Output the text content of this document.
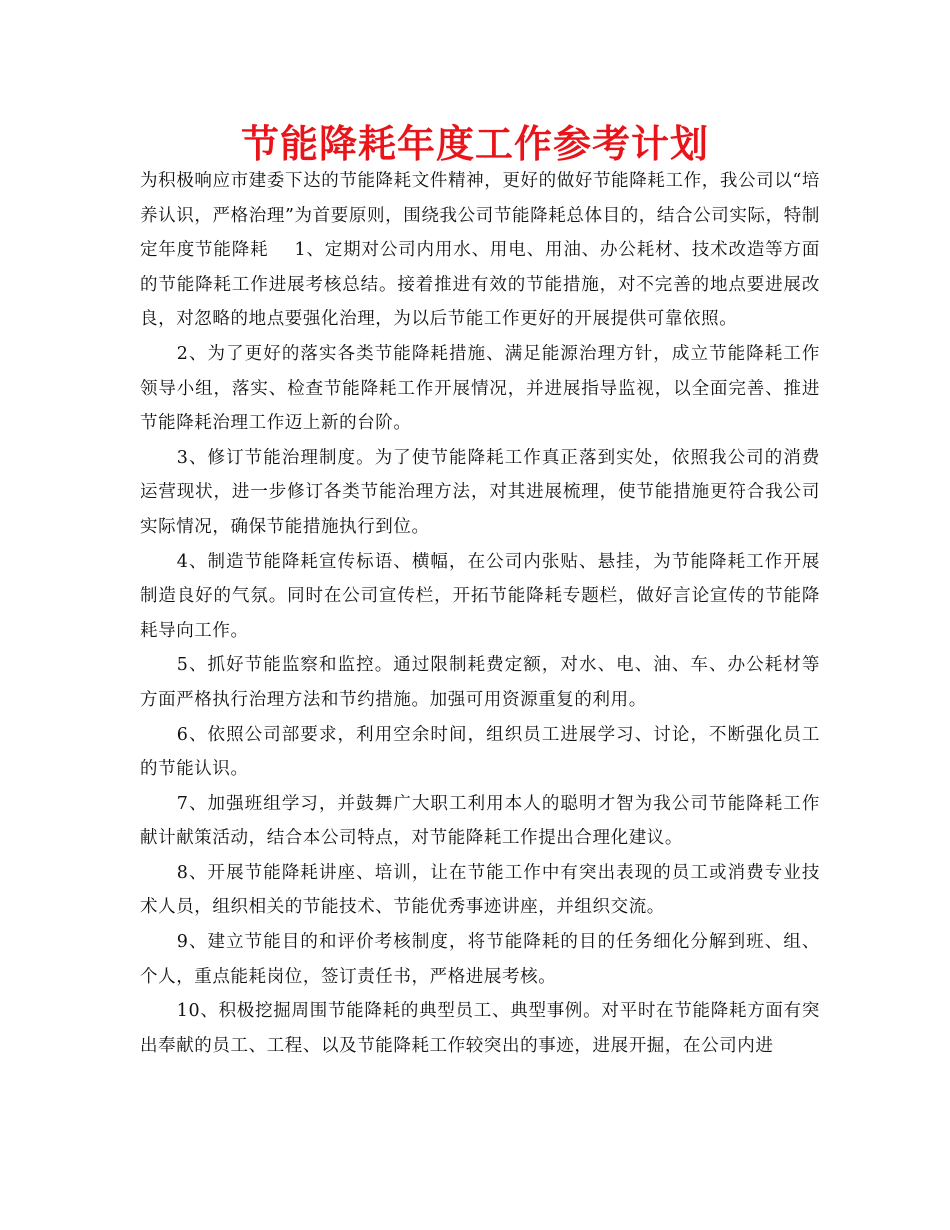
节能降耗年度工作参考计划

为积极响应市建委下达的节能降耗文件精神，更好的做好节能降耗工作，我公司以“培养认识，严格治理”为首要原则，围绕我公司节能降耗总体目的，结合公司实际，特制定年度节能降耗 1、定期对公司内用水、用电、用油、办公耗材、技术改造等方面的节能降耗工作进展考核总结。接着推进有效的节能措施，对不完善的地点要进展改良，对忽略的地点要强化治理，为以后节能工作更好的开展提供可靠依照。

2、为了更好的落实各类节能降耗措施、满足能源治理方针，成立节能降耗工作领导小组，落实、检查节能降耗工作开展情况，并进展指导监视，以全面完善、推进节能降耗治理工作迈上新的台阶。

3、修订节能治理制度。为了使节能降耗工作真正落到实处，依照我公司的消费运营现状，进一步修订各类节能治理方法，对其进展梳理，使节能措施更符合我公司实际情况，确保节能措施执行到位。

4、制造节能降耗宣传标语、横幅，在公司内张贴、悬挂，为节能降耗工作开展制造良好的气氛。同时在公司宣传栏，开拓节能降耗专题栏，做好言论宣传的节能降耗导向工作。

5、抓好节能监察和监控。通过限制耗费定额，对水、电、油、车、办公耗材等方面严格执行治理方法和节约措施。加强可用资源重复的利用。

6、依照公司部要求，利用空余时间，组织员工进展学习、讨论，不断强化员工的节能认识。

7、加强班组学习，并鼓舞广大职工利用本人的聪明才智为我公司节能降耗工作献计献策活动，结合本公司特点，对节能降耗工作提出合理化建议。

8、开展节能降耗讲座、培训，让在节能工作中有突出表现的员工或消费专业技术人员，组织相关的节能技术、节能优秀事迹讲座，并组织交流。

9、建立节能目的和评价考核制度，将节能降耗的目的任务细化分解到班、组、个人，重点能耗岗位，签订责任书，严格进展考核。

10、积极挖掘周围节能降耗的典型员工、典型事例。对平时在节能降耗方面有突出奉献的员工、工程、以及节能降耗工作较突出的事迹，进展开掘，在公司内进
